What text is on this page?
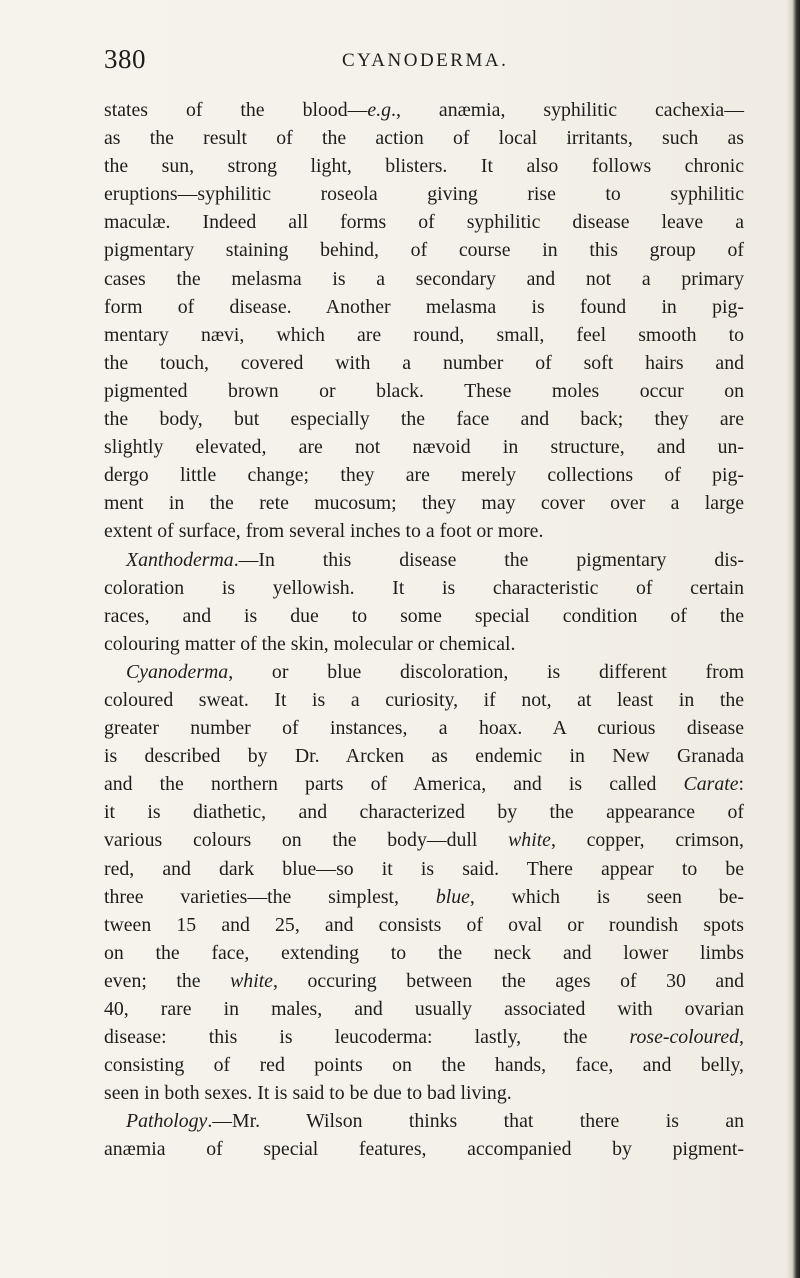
380	CYANODERMA.
states of the blood—e.g., anæmia, syphilitic cachexia—
as the result of the action of local irritants, such as
the sun, strong light, blisters. It also follows chronic
eruptions—syphilitic roseola giving rise to syphilitic
maculæ. Indeed all forms of syphilitic disease leave a
pigmentary staining behind, of course in this group of
cases the melasma is a secondary and not a primary
form of disease. Another melasma is found in pig-
mentary nævi, which are round, small, feel smooth to
the touch, covered with a number of soft hairs and
pigmented brown or black. These moles occur on
the body, but especially the face and back; they are
slightly elevated, are not nævoid in structure, and un-
dergo little change; they are merely collections of pig-
ment in the rete mucosum; they may cover over a large
extent of surface, from several inches to a foot or more.
Xanthoderma.—In this disease the pigmentary dis-
coloration is yellowish. It is characteristic of certain
races, and is due to some special condition of the
colouring matter of the skin, molecular or chemical.
Cyanoderma, or blue discoloration, is different from
coloured sweat. It is a curiosity, if not, at least in the
greater number of instances, a hoax. A curious disease
is described by Dr. Arcken as endemic in New Granada
and the northern parts of America, and is called Carate:
it is diathetic, and characterized by the appearance of
various colours on the body—dull white, copper, crimson,
red, and dark blue—so it is said. There appear to be
three varieties—the simplest, blue, which is seen be-
tween 15 and 25, and consists of oval or roundish spots
on the face, extending to the neck and lower limbs
even; the white, occuring between the ages of 30 and
40, rare in males, and usually associated with ovarian
disease: this is leucoderma: lastly, the rose-coloured,
consisting of red points on the hands, face, and belly,
seen in both sexes. It is said to be due to bad living.
Pathology.—Mr. Wilson thinks that there is an
anæmia of special features, accompanied by pigment-
